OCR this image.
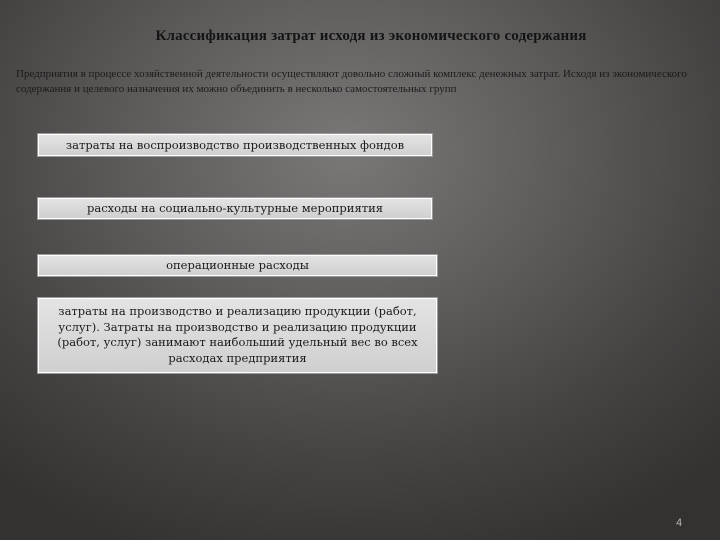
Классификация затрат исходя из экономического содержания
Предприятия в процессе хозяйственной деятельности осуществляют довольно сложный комплекс денежных затрат. Исходя из экономического содержания и целевого назначения их можно объединить в несколько самостоятельных групп
затраты на воспроизводство производственных фондов
расходы на социально-культурные мероприятия
операционные расходы
затраты на производство и реализацию продукции (работ, услуг). Затраты на производство и реализацию продукции (работ, услуг) занимают наибольший удельный вес во всех расходах предприятия
4
